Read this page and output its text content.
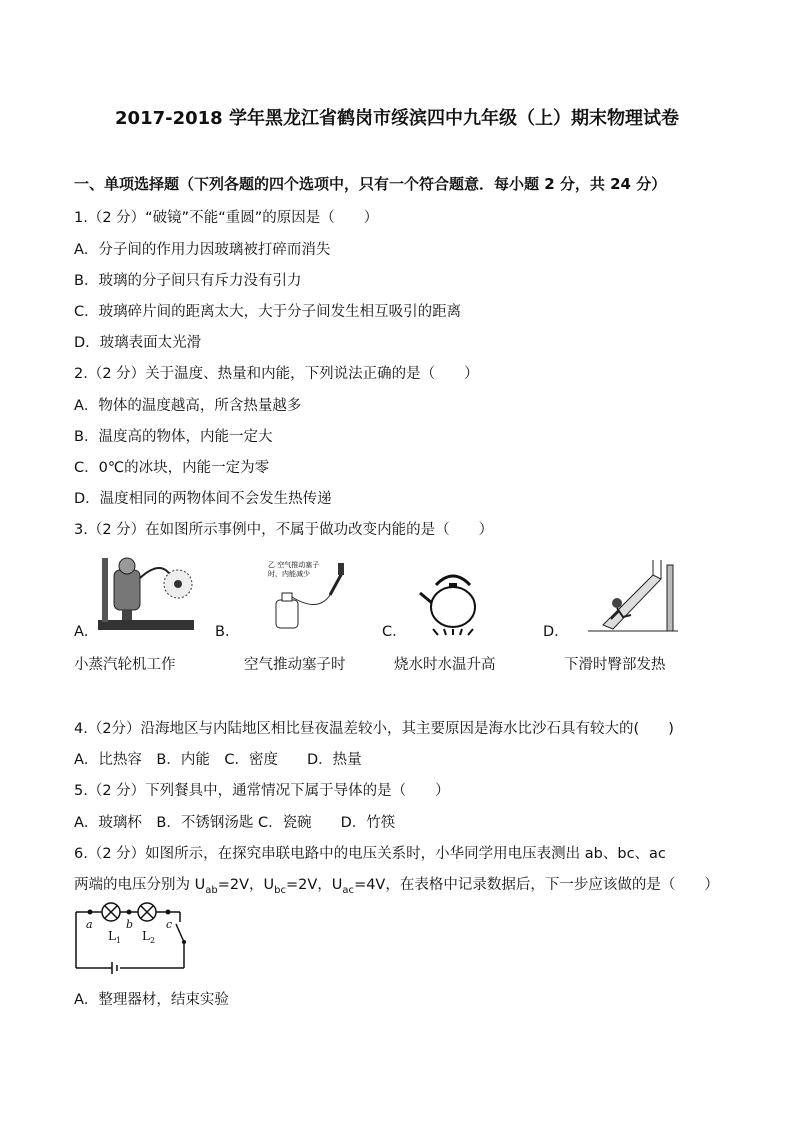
2017-2018 学年黑龙江省鹤岗市绥滨四中九年级（上）期末物理试卷
一、单项选择题（下列各题的四个选项中，只有一个符合题意．每小题 2 分，共 24 分）
1.（2 分）“破镜”不能“重圆”的原因是（　　）
A．分子间的作用力因玻璃被打碎而消失
B．玻璃的分子间只有斥力没有引力
C．玻璃碎片间的距离太大，大于分子间发生相互吸引的距离
D．玻璃表面太光滑
2.（2 分）关于温度、热量和内能，下列说法正确的是（　　）
A．物体的温度越高，所含热量越多
B．温度高的物体，内能一定大
C．0℃的冰块，内能一定为零
D．温度相同的两物体间不会发生热传递
3.（2 分）在如图所示事例中，不属于做功改变内能的是（　　）
乙 空气推动塞子
时，内能减少
A．	B．	C．	D．
小蒸汽轮机工作	空气推动塞子时	烧水时水温升高	下滑时臀部发热
4.（2分）沿海地区与内陆地区相比昼夜温差较小，其主要原因是海水比沙石具有较大的(　　)
A．比热容　B．内能　C．密度　　D．热量
5.（2 分）下列餐具中，通常情况下属于导体的是（　　）
A．玻璃杯　B．不锈钢汤匙 C．瓷碗　　D．竹筷
6.（2 分）如图所示，在探究串联电路中的电压关系时，小华同学用电压表测出 ab、bc、ac
两端的电压分别为 $U_{ab}=2V$，$U_{bc}=2V$，$U_{ac}=4V$，在表格中记录数据后，下一步应该做的是（　　）
a	b	c
L 1 L 2
A．整理器材，结束实验
